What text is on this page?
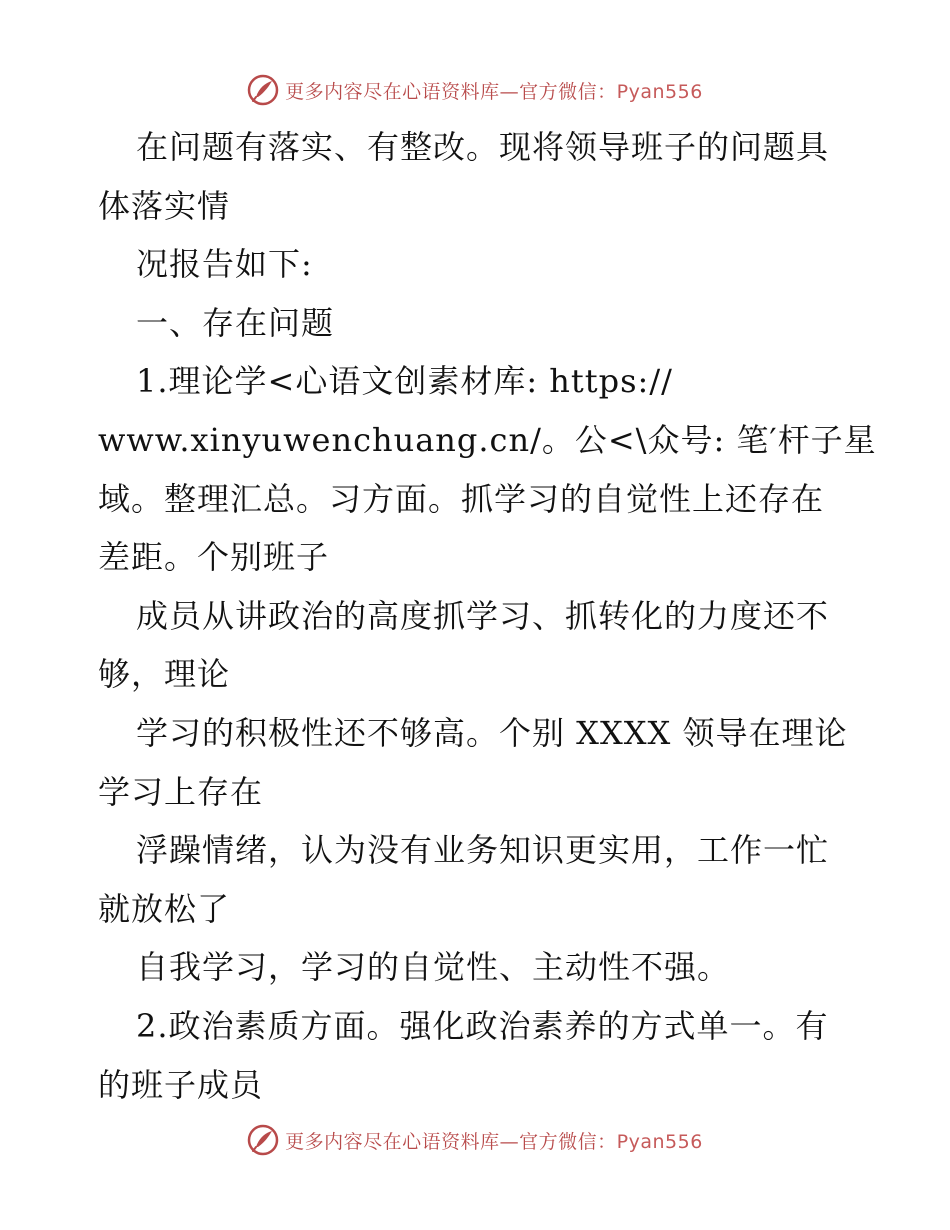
更多内容尽在心语资料库—官方微信：Pyan556
在问题有落实、有整改。现将领导班子的问题具
体落实情
况报告如下:
一、存在问题
1.理论学<心语文创素材库: https://
www.xinyuwenchuang.cn/。公<\众号: 笔′杆子星
域。整理汇总。习方面。抓学习的自觉性上还存在
差距。个别班子
成员从讲政治的高度抓学习、抓转化的力度还不
够，理论
学习的积极性还不够高。个别 XXXX 领导在理论
学习上存在
浮躁情绪，认为没有业务知识更实用，工作一忙
就放松了
自我学习，学习的自觉性、主动性不强。
2.政治素质方面。强化政治素养的方式单一。有
的班子成员
更多内容尽在心语资料库—官方微信：Pyan556
